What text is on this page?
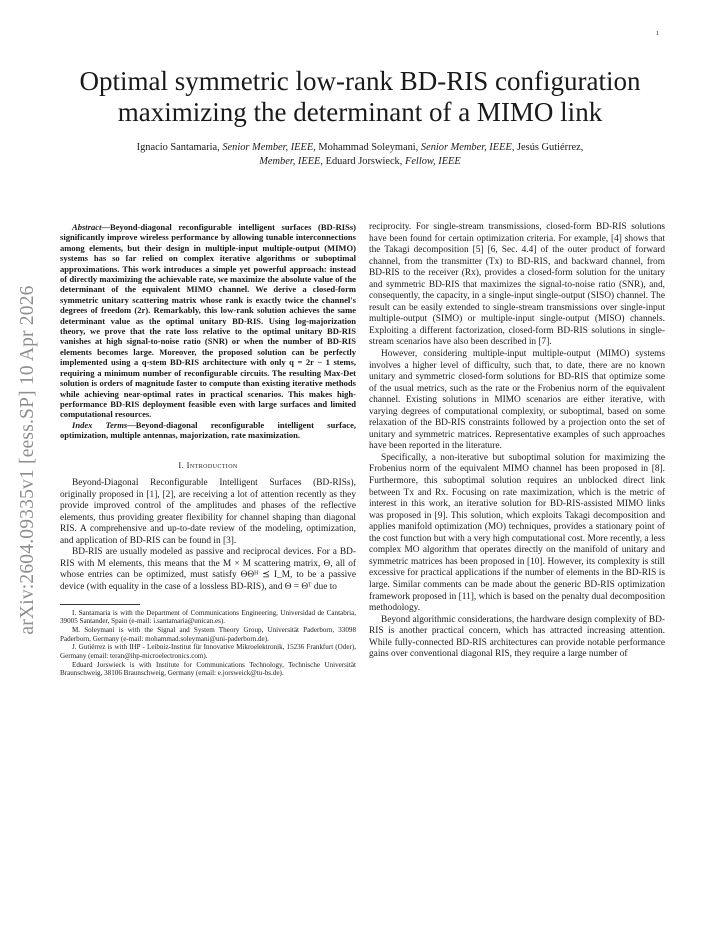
1
arXiv:2604.09335v1 [eess.SP] 10 Apr 2026
Optimal symmetric low-rank BD-RIS configuration maximizing the determinant of a MIMO link

Ignacio Santamaria, Senior Member, IEEE, Mohammad Soleymani, Senior Member, IEEE, Jesús Gutiérrez,
Member, IEEE, Eduard Jorswieck, Fellow, IEEE

Abstract—Beyond-diagonal reconfigurable intelligent surfaces (BD-RISs) significantly improve wireless performance by allowing tunable interconnections among elements, but their design in multiple-input multiple-output (MIMO) systems has so far relied on complex iterative algorithms or suboptimal approximations. This work introduces a simple yet powerful approach: instead of directly maximizing the achievable rate, we maximize the absolute value of the determinant of the equivalent MIMO channel. We derive a closed-form symmetric unitary scattering matrix whose rank is exactly twice the channel's degrees of freedom (2r). Remarkably, this low-rank solution achieves the same determinant value as the optimal unitary BD-RIS. Using log-majorization theory, we prove that the rate loss relative to the optimal unitary BD-RIS vanishes at high signal-to-noise ratio (SNR) or when the number of BD-RIS elements becomes large. Moreover, the proposed solution can be perfectly implemented using a q-stem BD-RIS architecture with only q = 2r − 1 stems, requiring a minimum number of reconfigurable circuits. The resulting Max-Det solution is orders of magnitude faster to compute than existing iterative methods while achieving near-optimal rates in practical scenarios. This makes high-performance BD-RIS deployment feasible even with large surfaces and limited computational resources.

Index Terms—Beyond-diagonal reconfigurable intelligent surface, optimization, multiple antennas, majorization, rate maximization.

I. Introduction

Beyond-Diagonal Reconfigurable Intelligent Surfaces (BD-RISs), originally proposed in [1], [2], are receiving a lot of attention recently as they provide improved control of the amplitudes and phases of the reflective elements, thus providing greater flexibility for channel shaping than diagonal RIS. A comprehensive and up-to-date review of the modeling, optimization, and application of BD-RIS can be found in [3].

BD-RIS are usually modeled as passive and reciprocal devices. For a BD-RIS with M elements, this means that the M × M scattering matrix, Θ, all of whose entries can be optimized, must satisfy ΘΘᴴ ⪯ I_M, to be a passive device (with equality in the case of a lossless BD-RIS), and Θ = Θᵀ due to

I. Santamaria is with the Department of Communications Engineering, Universidad de Cantabria, 39005 Santander, Spain (e-mail: i.santamaria@unican.es).

M. Soleymani is with the Signal and System Theory Group, Universität Paderborn, 33098 Paderborn, Germany (e-mail: mohammad.soleymani@uni-paderborn.de).

J. Gutiérrez is with IHP - Leibniz-Institut für Innovative Mikroelektronik, 15236 Frankfurt (Oder), Germany (email: teran@ihp-microelectronics.com).

Eduard Jorswieck is with Institute for Communications Technology, Technische Universität Braunschweig, 38106 Braunschweig, Germany (email: e.jorsweick@tu-bs.de).

reciprocity. For single-stream transmissions, closed-form BD-RIS solutions have been found for certain optimization criteria. For example, [4] shows that the Takagi decomposition [5] [6, Sec. 4.4] of the outer product of forward channel, from the transmitter (Tx) to BD-RIS, and backward channel, from BD-RIS to the receiver (Rx), provides a closed-form solution for the unitary and symmetric BD-RIS that maximizes the signal-to-noise ratio (SNR), and, consequently, the capacity, in a single-input single-output (SISO) channel. The result can be easily extended to single-stream transmissions over single-input multiple-output (SIMO) or multiple-input single-output (MISO) channels. Exploiting a different factorization, closed-form BD-RIS solutions in single-stream scenarios have also been described in [7].

However, considering multiple-input multiple-output (MIMO) systems involves a higher level of difficulty, such that, to date, there are no known unitary and symmetric closed-form solutions for BD-RIS that optimize some of the usual metrics, such as the rate or the Frobenius norm of the equivalent channel. Existing solutions in MIMO scenarios are either iterative, with varying degrees of computational complexity, or suboptimal, based on some relaxation of the BD-RIS constraints followed by a projection onto the set of unitary and symmetric matrices. Representative examples of such approaches have been reported in the literature.

Specifically, a non-iterative but suboptimal solution for maximizing the Frobenius norm of the equivalent MIMO channel has been proposed in [8]. Furthermore, this suboptimal solution requires an unblocked direct link between Tx and Rx. Focusing on rate maximization, which is the metric of interest in this work, an iterative solution for BD-RIS-assisted MIMO links was proposed in [9]. This solution, which exploits Takagi decomposition and applies manifold optimization (MO) techniques, provides a stationary point of the cost function but with a very high computational cost. More recently, a less complex MO algorithm that operates directly on the manifold of unitary and symmetric matrices has been proposed in [10]. However, its complexity is still excessive for practical applications if the number of elements in the BD-RIS is large. Similar comments can be made about the generic BD-RIS optimization framework proposed in [11], which is based on the penalty dual decomposition methodology.

Beyond algorithmic considerations, the hardware design complexity of BD-RIS is another practical concern, which has attracted increasing attention. While fully-connected BD-RIS architectures can provide notable performance gains over conventional diagonal RIS, they require a large number of
